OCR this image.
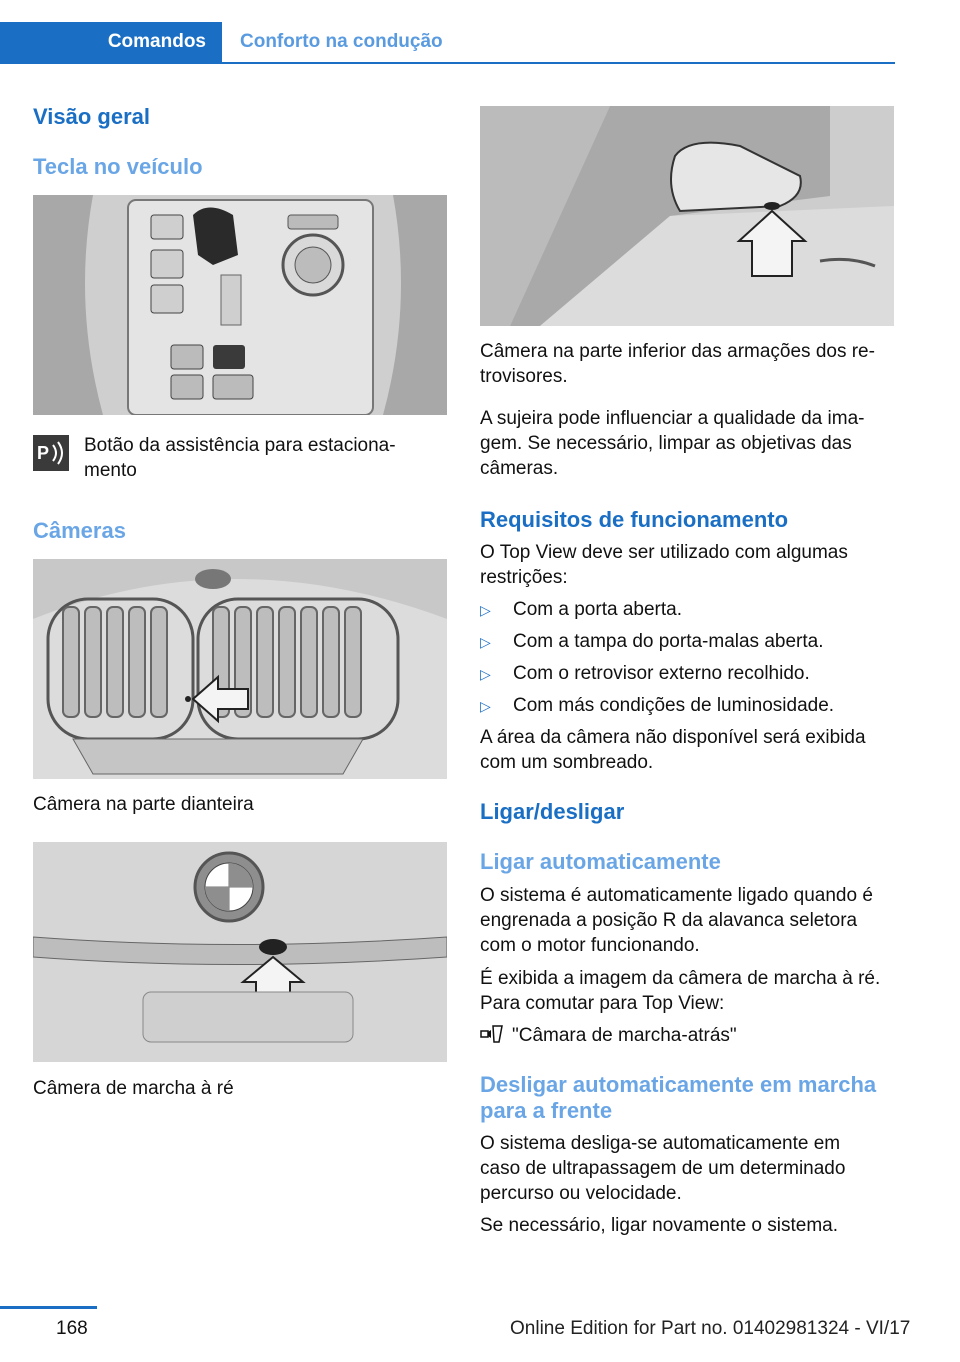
Comandos	Conforto na condução
Visão geral
Tecla no veículo
P Botão da assistência para estaciona‐
mento
Câmeras
Câmera na parte dianteira
Câmera de marcha à ré
Câmera na parte inferior das armações dos re‐
trovisores.
A sujeira pode influenciar a qualidade da ima‐
gem. Se necessário, limpar as objetivas das
câmeras.
Requisitos de funcionamento
O Top View deve ser utilizado com algumas
restrições:
▷ Com a porta aberta.
▷ Com a tampa do porta-malas aberta.
▷ Com o retrovisor externo recolhido.
▷ Com más condições de luminosidade.
A área da câmera não disponível será exibida
com um sombreado.
Ligar/desligar
Ligar automaticamente
O sistema é automaticamente ligado quando é
engrenada a posição R da alavanca seletora
com o motor funcionando.
É exibida a imagem da câmera de marcha à ré.
Para comutar para Top View:
"Câmara de marcha-atrás"
Desligar automaticamente em marcha
para a frente
O sistema desliga-se automaticamente em
caso de ultrapassagem de um determinado
percurso ou velocidade.
Se necessário, ligar novamente o sistema.
168	Online Edition for Part no. 01402981324 - VI/17
